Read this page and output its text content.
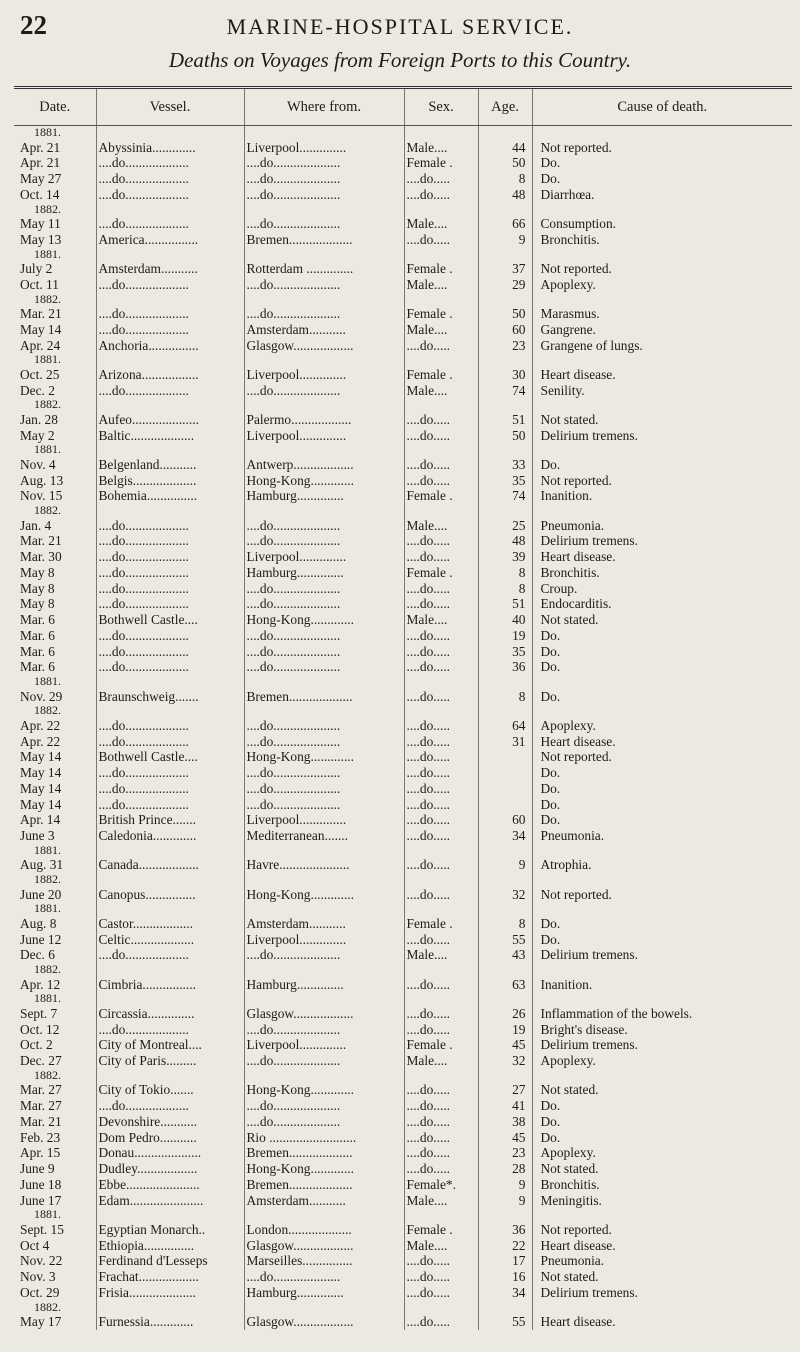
22	MARINE-HOSPITAL SERVICE.
Deaths on Voyages from Foreign Ports to this Country.
Date.	Vessel.	Where from.	Sex.	Age.	Cause of death.
1881.					
Apr. 21	Abyssinia.............	Liverpool..............	Male....	44	Not reported.
Apr. 21	....do...................	....do....................	Female .	50	Do.
May 27	....do...................	....do....................	....do.....	8	Do.
Oct. 14	....do...................	....do....................	....do.....	48	Diarrhœa.
1882.					
May 11	....do...................	....do....................	Male....	66	Consumption.
May 13	America................	Bremen...................	....do.....	9	Bronchitis.
1881.					
July 2	Amsterdam...........	Rotterdam ..............	Female .	37	Not reported.
Oct. 11	....do...................	....do....................	Male....	29	Apoplexy.
1882.					
Mar. 21	....do...................	....do....................	Female .	50	Marasmus.
May 14	....do...................	Amsterdam...........	Male....	60	Gangrene.
Apr. 24	Anchoria...............	Glasgow..................	....do.....	23	Grangene of lungs.
1881.					
Oct. 25	Arizona.................	Liverpool..............	Female .	30	Heart disease.
Dec. 2	....do...................	....do....................	Male....	74	Senility.
1882.					
Jan. 28	Aufeo....................	Palermo..................	....do.....	51	Not stated.
May 2	Baltic...................	Liverpool..............	....do.....	50	Delirium tremens.
1881.					
Nov. 4	Belgenland...........	Antwerp..................	....do.....	33	Do.
Aug. 13	Belgis...................	Hong-Kong.............	....do.....	35	Not reported.
Nov. 15	Bohemia...............	Hamburg..............	Female .	74	Inanition.
1882.					
Jan. 4	....do...................	....do....................	Male....	25	Pneumonia.
Mar. 21	....do...................	....do....................	....do.....	48	Delirium tremens.
Mar. 30	....do...................	Liverpool..............	....do.....	39	Heart disease.
May 8	....do...................	Hamburg..............	Female .	8	Bronchitis.
May 8	....do...................	....do....................	....do.....	8	Croup.
May 8	....do...................	....do....................	....do.....	51	Endocarditis.
Mar. 6	Bothwell Castle....	Hong-Kong.............	Male....	40	Not stated.
Mar. 6	....do...................	....do....................	....do.....	19	Do.
Mar. 6	....do...................	....do....................	....do.....	35	Do.
Mar. 6	....do...................	....do....................	....do.....	36	Do.
1881.					
Nov. 29	Braunschweig.......	Bremen...................	....do.....	8	Do.
1882.					
Apr. 22	....do...................	....do....................	....do.....	64	Apoplexy.
Apr. 22	....do...................	....do....................	....do.....	31	Heart disease.
May 14	Bothwell Castle....	Hong-Kong.............	....do.....		Not reported.
May 14	....do...................	....do....................	....do.....		Do.
May 14	....do...................	....do....................	....do.....		Do.
May 14	....do...................	....do....................	....do.....		Do.
Apr. 14	British Prince.......	Liverpool..............	....do.....	60	Do.
June 3	Caledonia.............	Mediterranean.......	....do.....	34	Pneumonia.
1881.					
Aug. 31	Canada..................	Havre.....................	....do.....	9	Atrophia.
1882.					
June 20	Canopus...............	Hong-Kong.............	....do.....	32	Not reported.
1881.					
Aug. 8	Castor..................	Amsterdam...........	Female .	8	Do.
June 12	Celtic...................	Liverpool..............	....do.....	55	Do.
Dec. 6	....do...................	....do....................	Male....	43	Delirium tremens.
1882.					
Apr. 12	Cimbria................	Hamburg..............	....do.....	63	Inanition.
1881.					
Sept. 7	Circassia..............	Glasgow..................	....do.....	26	Inflammation of the bowels.
Oct. 12	....do...................	....do....................	....do.....	19	Bright's disease.
Oct. 2	City of Montreal....	Liverpool..............	Female .	45	Delirium tremens.
Dec. 27	City of Paris.........	....do....................	Male....	32	Apoplexy.
1882.					
Mar. 27	City of Tokio.......	Hong-Kong.............	....do.....	27	Not stated.
Mar. 27	....do...................	....do....................	....do.....	41	Do.
Mar. 21	Devonshire...........	....do....................	....do.....	38	Do.
Feb. 23	Dom Pedro...........	Rio ..........................	....do.....	45	Do.
Apr. 15	Donau....................	Bremen...................	....do.....	23	Apoplexy.
June 9	Dudley..................	Hong-Kong.............	....do.....	28	Not stated.
June 18	Ebbe......................	Bremen...................	Female*.	9	Bronchitis.
June 17	Edam......................	Amsterdam...........	Male....	9	Meningitis.
1881.					
Sept. 15	Egyptian Monarch..	London...................	Female .	36	Not reported.
Oct 4	Ethiopia...............	Glasgow..................	Male....	22	Heart disease.
Nov. 22	Ferdinand d'Lesseps	Marseilles...............	....do.....	17	Pneumonia.
Nov. 3	Frachat..................	....do....................	....do.....	16	Not stated.
Oct. 29	Frisia....................	Hamburg..............	....do.....	34	Delirium tremens.
1882.					
May 17	Furnessia.............	Glasgow..................	....do.....	55	Heart disease.
